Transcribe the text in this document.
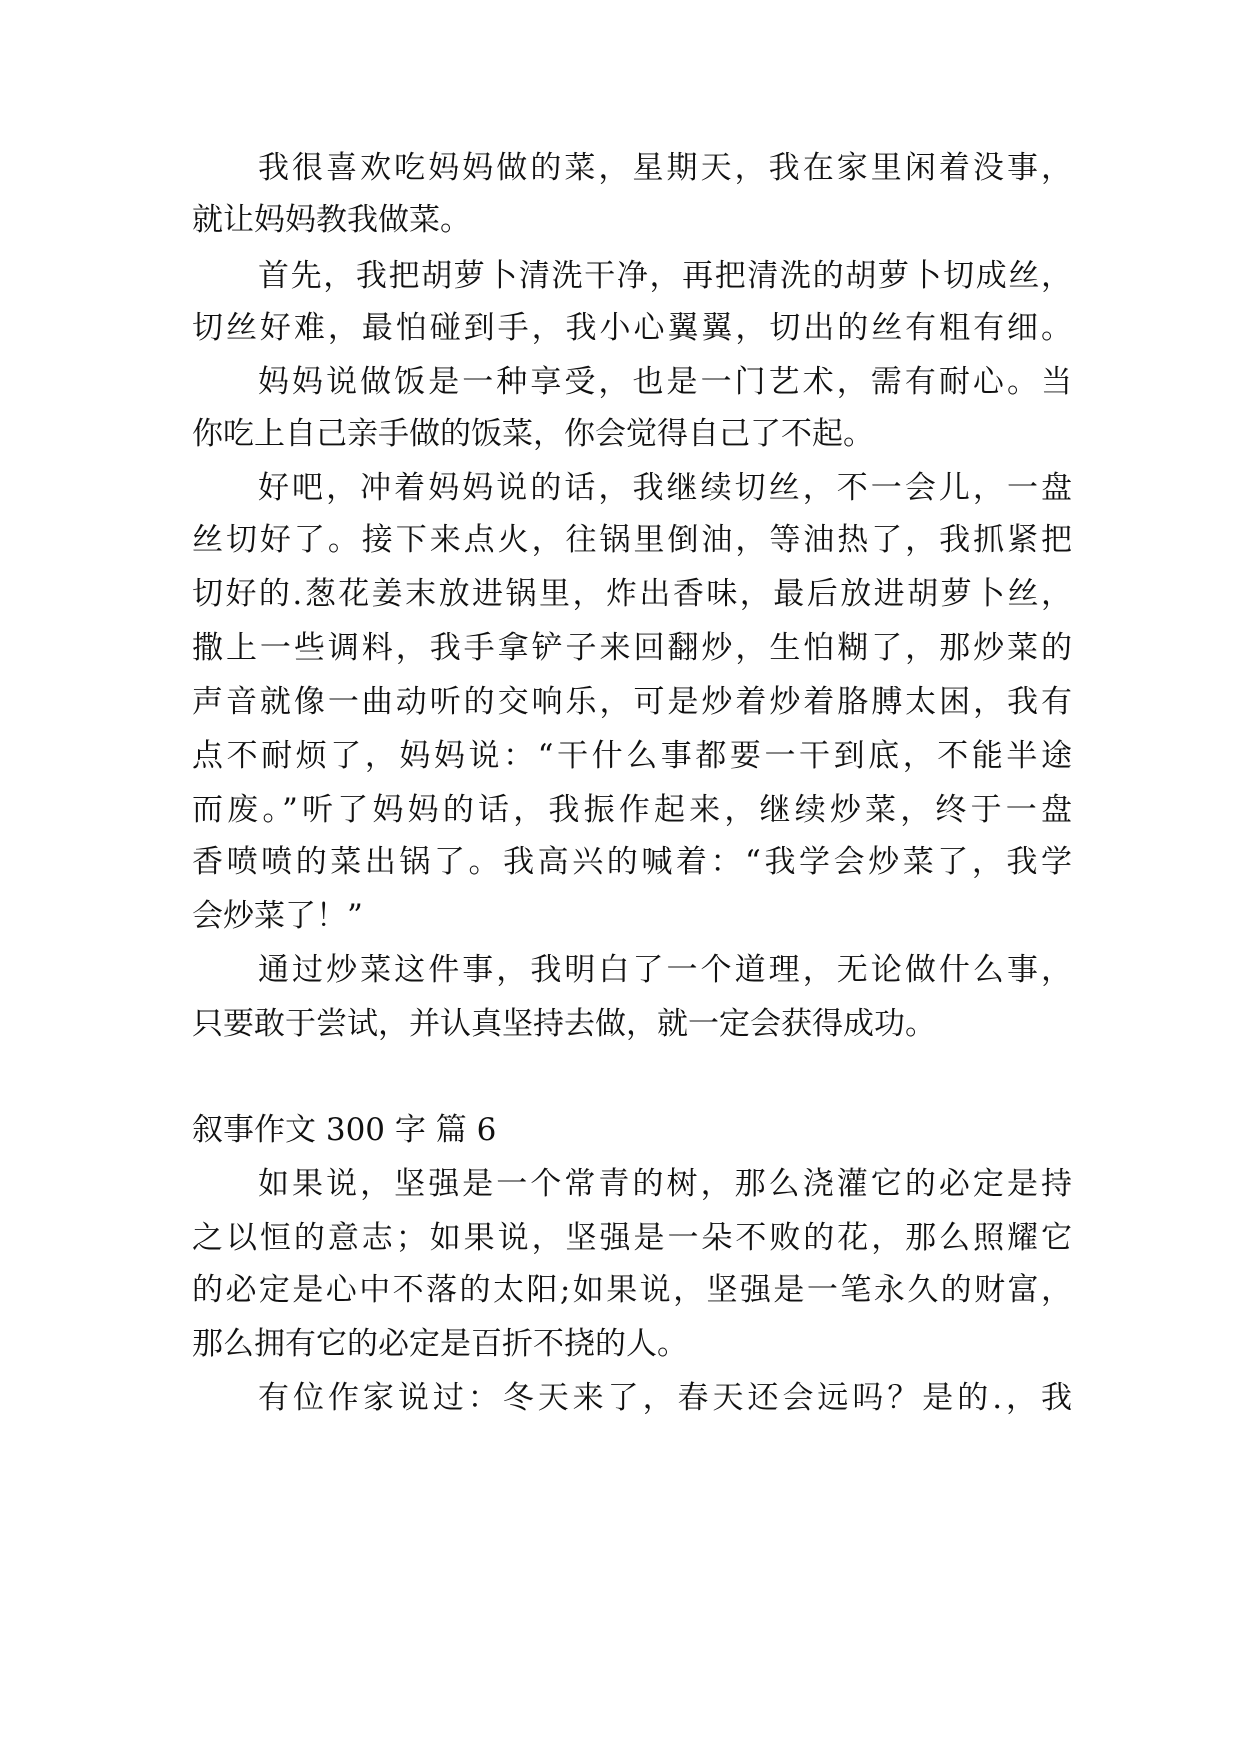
我很喜欢吃妈妈做的菜，星期天，我在家里闲着没事，
就让妈妈教我做菜。
首先，我把胡萝卜清洗干净，再把清洗的胡萝卜切成丝，
切丝好难，最怕碰到手，我小心翼翼，切出的丝有粗有细。
妈妈说做饭是一种享受，也是一门艺术，需有耐心。当
你吃上自己亲手做的饭菜，你会觉得自己了不起。
好吧，冲着妈妈说的话，我继续切丝，不一会儿，一盘
丝切好了。接下来点火，往锅里倒油，等油热了，我抓紧把
切好的.葱花姜末放进锅里，炸出香味，最后放进胡萝卜丝，
撒上一些调料，我手拿铲子来回翻炒，生怕糊了，那炒菜的
声音就像一曲动听的交响乐，可是炒着炒着胳膊太困，我有
点不耐烦了，妈妈说：“干什么事都要一干到底，不能半途
而废。”听了妈妈的话，我振作起来，继续炒菜，终于一盘
香喷喷的菜出锅了。我高兴的喊着：“我学会炒菜了，我学
会炒菜了！”
通过炒菜这件事，我明白了一个道理，无论做什么事，
只要敢于尝试，并认真坚持去做，就一定会获得成功。
叙事作文 300 字 篇 6
如果说，坚强是一个常青的树，那么浇灌它的必定是持
之以恒的意志；如果说，坚强是一朵不败的花，那么照耀它
的必定是心中不落的太阳;如果说，坚强是一笔永久的财富，
那么拥有它的必定是百折不挠的人。
有位作家说过：冬天来了，春天还会远吗？是的.，我
